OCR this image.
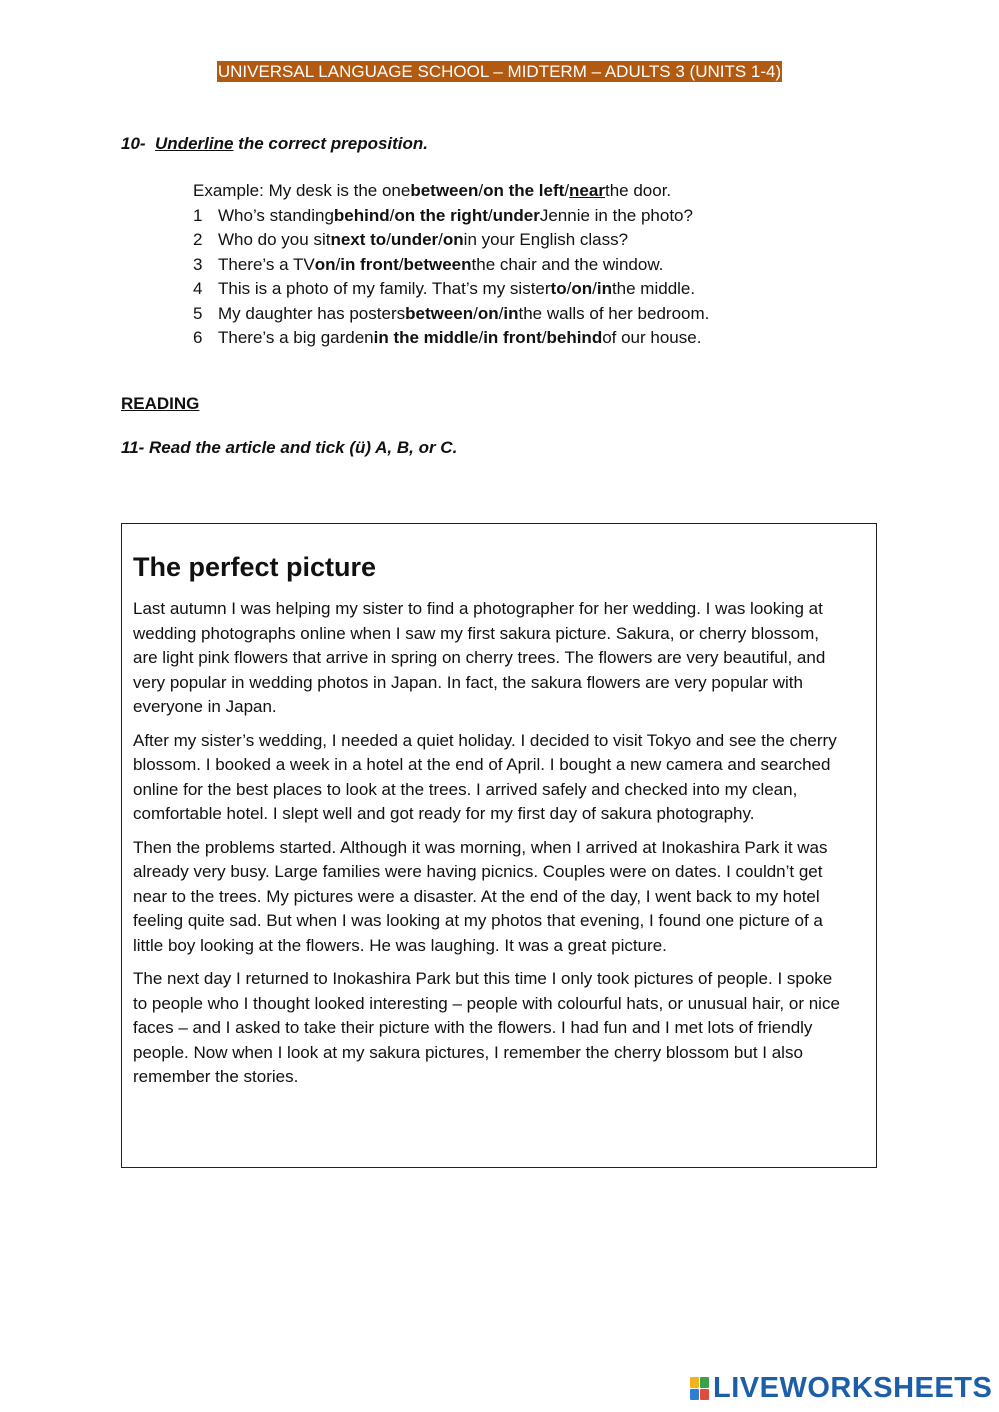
UNIVERSAL LANGUAGE SCHOOL – MIDTERM – ADULTS 3 (UNITS 1-4)
10- Underline the correct preposition.
Example: My desk is the one between / on the left / near the door.
1 Who’s standing behind / on the right / under Jennie in the photo?
2 Who do you sit next to / under / on in your English class?
3 There’s a TV on / in front / between the chair and the window.
4 This is a photo of my family. That’s my sister to / on / in the middle.
5 My daughter has posters between / on / in the walls of her bedroom.
6 There’s a big garden in the middle / in front / behind of our house.
READING
11- Read the article and tick (ü) A, B, or C.
The perfect picture

Last autumn I was helping my sister to find a photographer for her wedding. I was looking at wedding photographs online when I saw my first sakura picture. Sakura, or cherry blossom, are light pink flowers that arrive in spring on cherry trees. The flowers are very beautiful, and very popular in wedding photos in Japan. In fact, the sakura flowers are very popular with everyone in Japan.

After my sister’s wedding, I needed a quiet holiday. I decided to visit Tokyo and see the cherry blossom. I booked a week in a hotel at the end of April. I bought a new camera and searched online for the best places to look at the trees. I arrived safely and checked into my clean, comfortable hotel. I slept well and got ready for my first day of sakura photography.

Then the problems started. Although it was morning, when I arrived at Inokashira Park it was already very busy. Large families were having picnics. Couples were on dates. I couldn’t get near to the trees. My pictures were a disaster. At the end of the day, I went back to my hotel feeling quite sad. But when I was looking at my photos that evening, I found one picture of a little boy looking at the flowers. He was laughing. It was a great picture.

The next day I returned to Inokashira Park but this time I only took pictures of people. I spoke to people who I thought looked interesting – people with colourful hats, or unusual hair, or nice faces – and I asked to take their picture with the flowers. I had fun and I met lots of friendly people. Now when I look at my sakura pictures, I remember the cherry blossom but I also remember the stories.

LIVEWORKSHEETS
